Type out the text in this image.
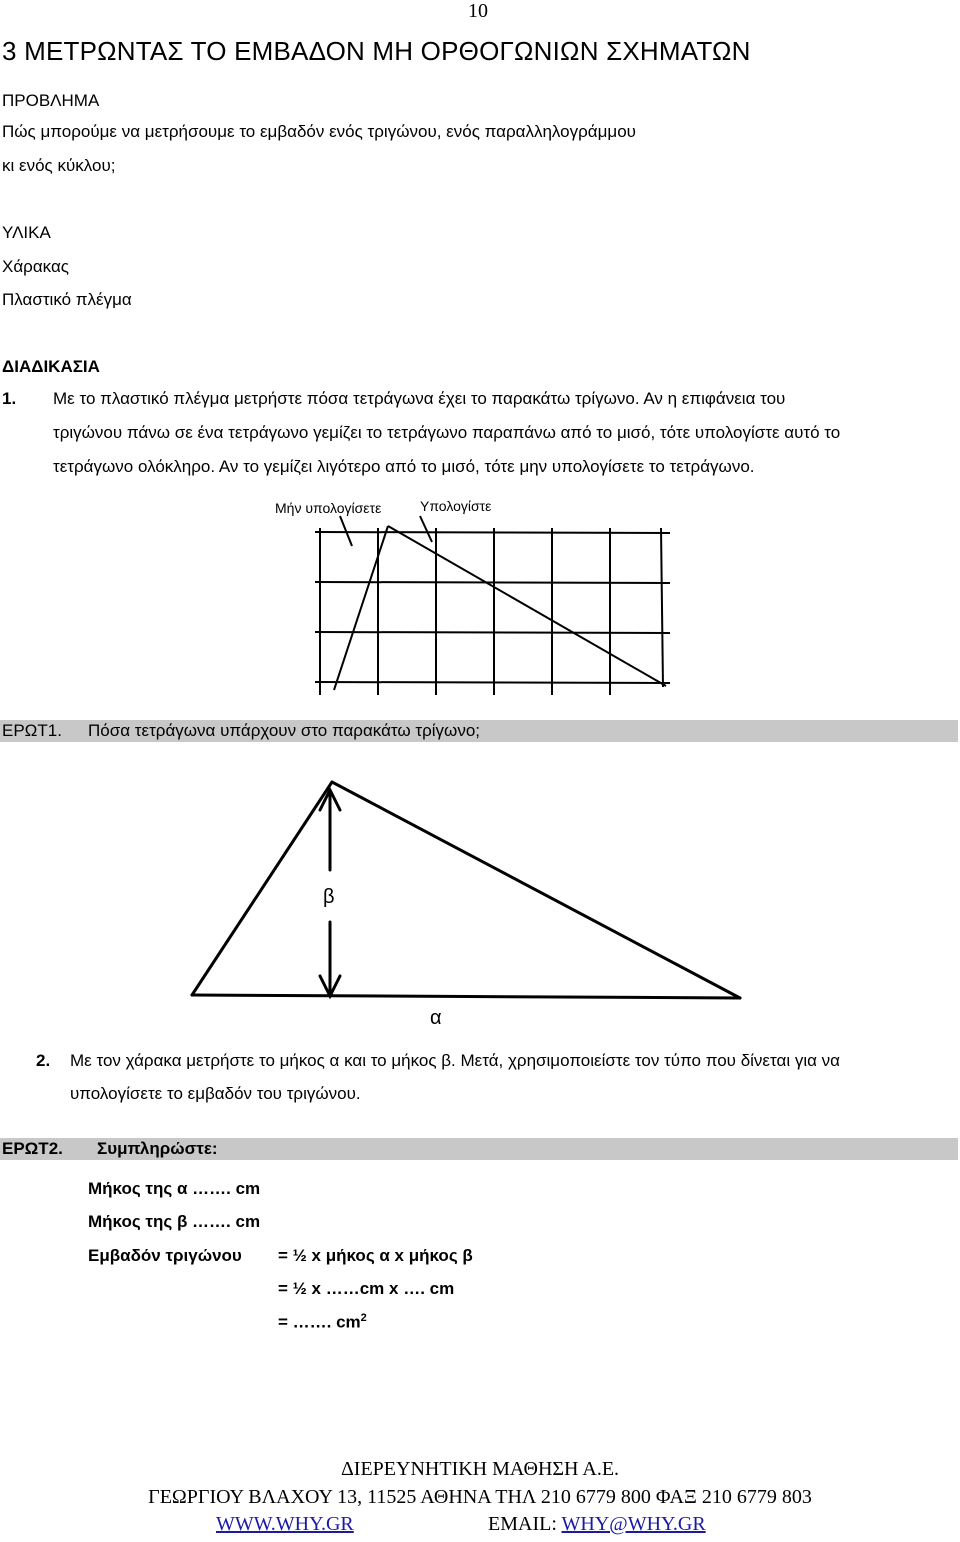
10
3 ΜΕΤΡΩΝΤΑΣ ΤΟ ΕΜΒΑΔΟΝ ΜΗ ΟΡΘΟΓΩΝΙΩΝ ΣΧΗΜΑΤΩΝ
ΠΡΟΒΛΗΜΑ
Πώς μπορούμε να μετρήσουμε το εμβαδόν ενός τριγώνου, ενός παραλληλογράμμου
κι ενός κύκλου;
ΥΛΙΚΑ
Χάρακας
Πλαστικό πλέγμα
ΔΙΑΔΙΚΑΣΙΑ
1. Με το πλαστικό πλέγμα μετρήστε πόσα τετράγωνα έχει το παρακάτω τρίγωνο. Αν η επιφάνεια του
τριγώνου πάνω σε ένα τετράγωνο γεμίζει το τετράγωνο παραπάνω από το μισό, τότε υπολογίστε αυτό το
τετράγωνο ολόκληρο. Αν το γεμίζει λιγότερο από το μισό, τότε μην υπολογίσετε το τετράγωνο.
Μήν υπολογίσετε	Υπολογίστε
ΕΡΩΤ1. Πόσα τετράγωνα υπάρχουν στο παρακάτω τρίγωνο;
β
α
2. Με τον χάρακα μετρήστε το μήκος α και το μήκος β. Μετά, χρησιμοποιείστε τον τύπο που δίνεται για να
υπολογίσετε το εμβαδόν του τριγώνου.
ΕΡΩΤ2. Συμπληρώστε:
Μήκος της α ……. cm
Μήκος της β ……. cm
Εμβαδόν τριγώνου = ½ x μήκος α x μήκος β
= ½ x ……cm x …. cm
= ……. $cm^2$
ΔΙΕΡΕΥΝΗΤΙΚΗ ΜΑΘΗΣΗ Α.Ε.
ΓΕΩΡΓΙΟΥ ΒΛΑΧΟΥ 13, 11525 ΑΘΗΝΑ ΤΗΛ 210 6779 800 ΦΑΞ 210 6779 803
WWW.WHY.GR	EMAIL: WHY@WHY.GR
